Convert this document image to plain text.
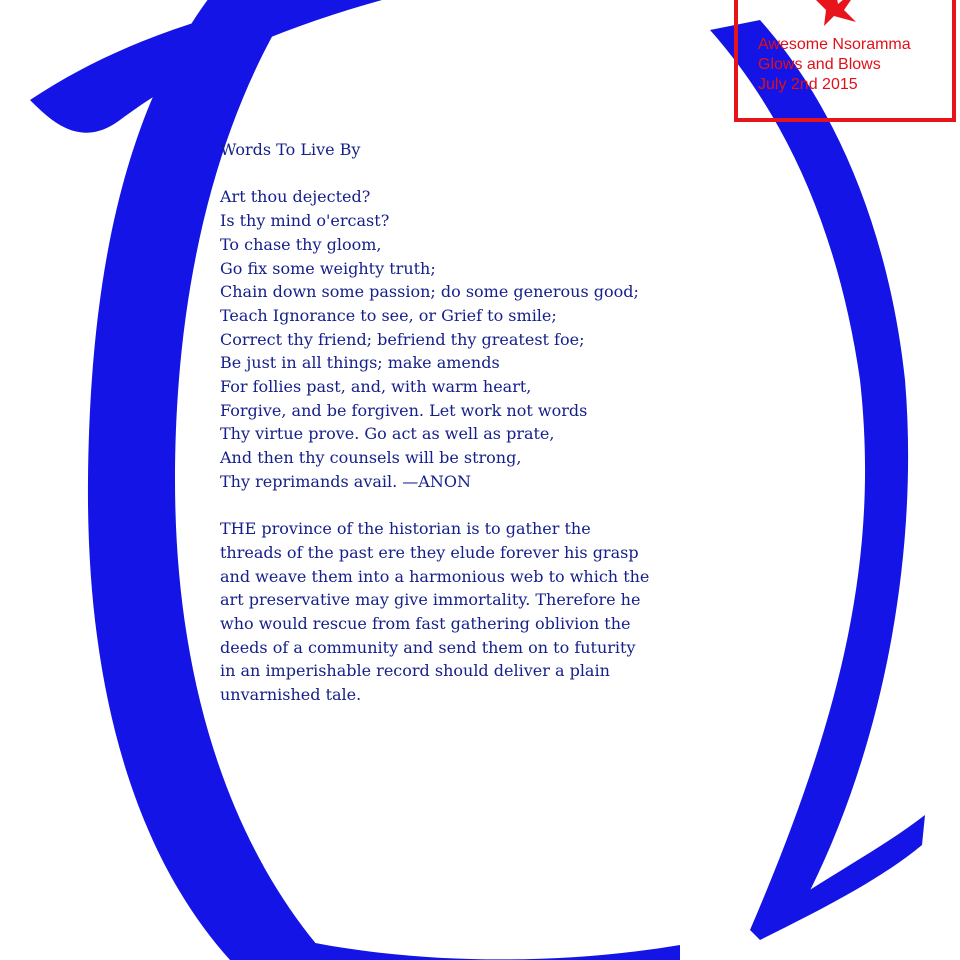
Awesome Nsoramma
Glows and Blows
July 2nd 2015
Words To Live By
Art thou dejected?
Is thy mind o'ercast?
To chase thy gloom,
Go fix some weighty truth;
Chain down some passion; do some generous good;
Teach Ignorance to see, or Grief to smile;
Correct thy friend; befriend thy greatest foe;
Be just in all things; make amends
For follies past, and, with warm heart,
Forgive, and be forgiven. Let work not words
Thy virtue prove. Go act as well as prate,
And then thy counsels will be strong,
Thy reprimands avail. —ANON
THE province of the historian is to gather the
threads of the past ere they elude forever his grasp
and weave them into a harmonious web to which the
art preservative may give immortality. Therefore he
who would rescue from fast gathering oblivion the
deeds of a community and send them on to futurity
in an imperishable record should deliver a plain
unvarnished tale.
